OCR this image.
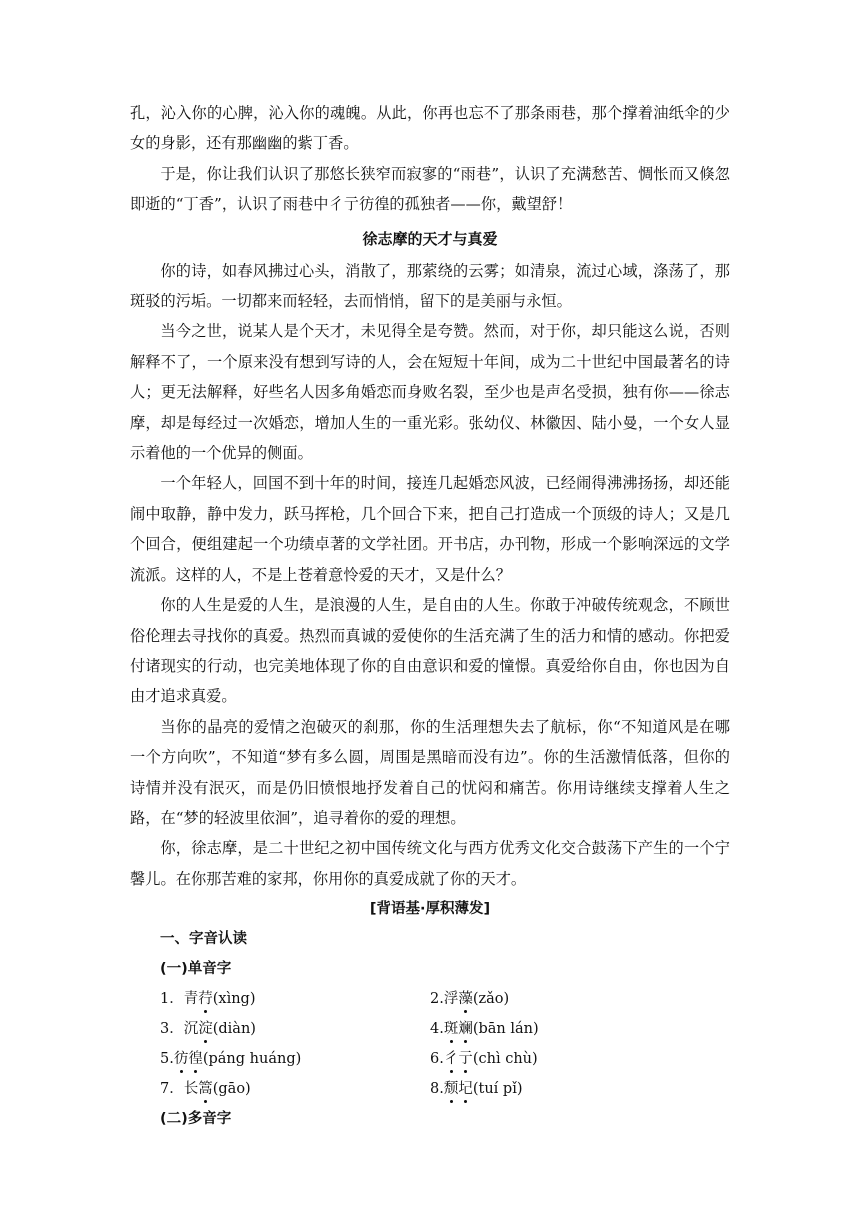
孔，沁入你的心脾，沁入你的魂魄。从此，你再也忘不了那条雨巷，那个撑着油纸伞的少女的身影，还有那幽幽的紫丁香。

于是，你让我们认识了那悠长狭窄而寂寥的“雨巷”，认识了充满愁苦、惆怅而又倏忽即逝的“丁香”，认识了雨巷中彳亍彷徨的孤独者——你，戴望舒！

徐志摩的天才与真爱

你的诗，如春风拂过心头，消散了，那萦绕的云雾；如清泉，流过心域，涤荡了，那斑驳的污垢。一切都来而轻轻，去而悄悄，留下的是美丽与永恒。

当今之世，说某人是个天才，未见得全是夸赞。然而，对于你，却只能这么说，否则解释不了，一个原来没有想到写诗的人，会在短短十年间，成为二十世纪中国最著名的诗人；更无法解释，好些名人因多角婚恋而身败名裂，至少也是声名受损，独有你——徐志摩，却是每经过一次婚恋，增加人生的一重光彩。张幼仪、林徽因、陆小曼，一个女人显示着他的一个优异的侧面。

一个年轻人，回国不到十年的时间，接连几起婚恋风波，已经闹得沸沸扬扬，却还能闹中取静，静中发力，跃马挥枪，几个回合下来，把自己打造成一个顶级的诗人；又是几个回合，便组建起一个功绩卓著的文学社团。开书店，办刊物，形成一个影响深远的文学流派。这样的人，不是上苍着意怜爱的天才，又是什么？

你的人生是爱的人生，是浪漫的人生，是自由的人生。你敢于冲破传统观念，不顾世俗伦理去寻找你的真爱。热烈而真诚的爱使你的生活充满了生的活力和情的感动。你把爱付诸现实的行动，也完美地体现了你的自由意识和爱的憧憬。真爱给你自由，你也因为自由才追求真爱。

当你的晶亮的爱情之泡破灭的刹那，你的生活理想失去了航标，你“不知道风是在哪一个方向吹”，不知道“梦有多么圆，周围是黑暗而没有边”。你的生活激情低落，但你的诗情并没有泯灭，而是仍旧愤恨地抒发着自己的忧闷和痛苦。你用诗继续支撑着人生之路，在“梦的轻波里依洄”，追寻着你的爱的理想。

你，徐志摩，是二十世纪之初中国传统文化与西方优秀文化交合鼓荡下产生的一个宁馨儿。在你那苦难的家邦，你用你的真爱成就了你的天才。

[背语基·厚积薄发]
一、字音认读
(一)单音字
1．青荇(xìng)	2.浮藻(zǎo)
3．沉淀(diàn)	4.斑斓(bān lán)
5.彷徨(páng huáng)	6.彳亍(chì chù)
7．长篙(gāo)	8.颓圮(tuí pǐ)
(二)多音字
